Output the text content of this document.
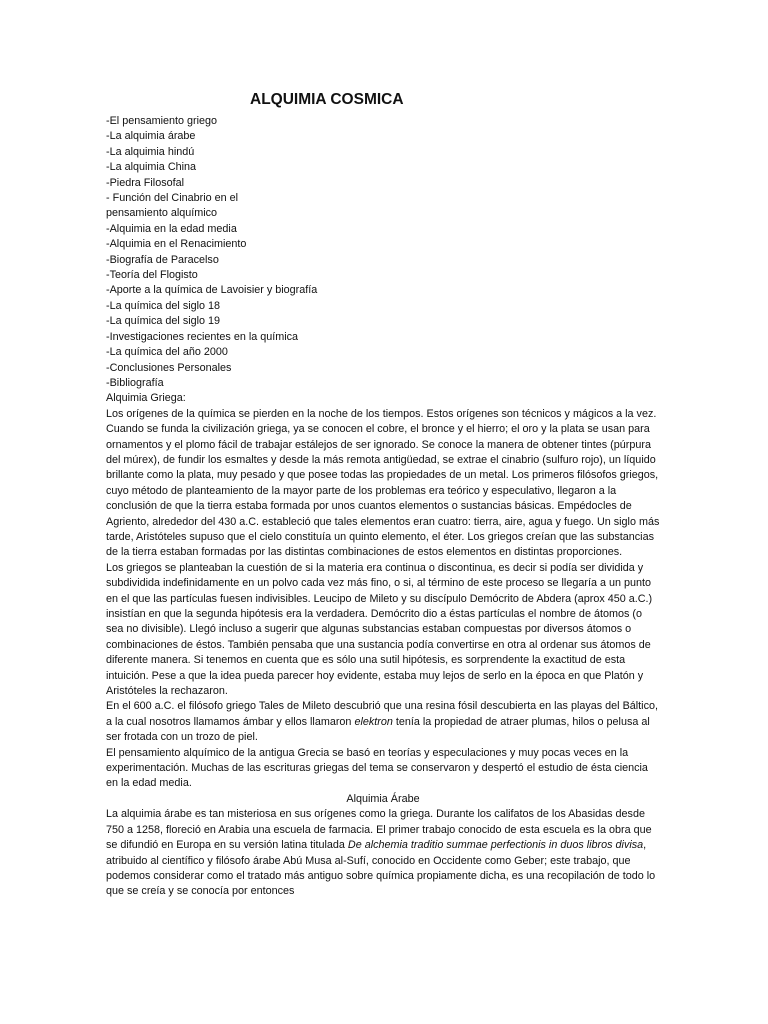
ALQUIMIA COSMICA
-El pensamiento griego
-La alquimia árabe
-La alquimia hindú
-La alquimia China
-Piedra Filosofal
- Función del Cinabrio en el
pensamiento alquímico
-Alquimia en la edad media
-Alquimia en el Renacimiento
-Biografía de Paracelso
-Teoría del Flogisto
-Aporte a la química de Lavoisier y biografía
-La química del siglo 18
-La química del siglo 19
-Investigaciones recientes en la química
-La química del año 2000
-Conclusiones Personales
-Bibliografía
Alquimia Griega:

Los orígenes de la química se pierden en la noche de los tiempos. Estos orígenes son técnicos y mágicos a la vez. Cuando se funda la civilización griega, ya se conocen el cobre, el bronce y el hierro; el oro y la plata se usan para ornamentos y el plomo fácil de trabajar estálejos de ser ignorado. Se conoce la manera de obtener tintes (púrpura del múrex), de fundir los esmaltes y desde la más remota antigüedad, se extrae el cinabrio (sulfuro rojo), un líquido brillante como la plata, muy pesado y que posee todas las propiedades de un metal. Los primeros filósofos griegos, cuyo método de planteamiento de la mayor parte de los problemas era teórico y especulativo, llegaron a la conclusión de que la tierra estaba formada por unos cuantos elementos o sustancias básicas. Empédocles de Agriento, alrededor del 430 a.C. estableció que tales elementos eran cuatro: tierra, aire, agua y fuego. Un siglo más tarde, Aristóteles supuso que el cielo constituía un quinto elemento, el éter. Los griegos creían que las substancias de la tierra estaban formadas por las distintas combinaciones de estos elementos en distintas proporciones.

Los griegos se planteaban la cuestión de si la materia era continua o discontinua, es decir si podía ser dividida y subdividida indefinidamente en un polvo cada vez más fino, o si, al término de este proceso se llegaría a un punto en el que las partículas fuesen indivisibles. Leucipo de Mileto y su discípulo Demócrito de Abdera (aprox 450 a.C.) insistían en que la segunda hipótesis era la verdadera. Demócrito dio a éstas partículas el nombre de átomos (o sea no divisible). Llegó incluso a sugerir que algunas substancias estaban compuestas por diversos átomos o combinaciones de éstos. También pensaba que una sustancia podía convertirse en otra al ordenar sus átomos de diferente manera. Si tenemos en cuenta que es sólo una sutil hipótesis, es sorprendente la exactitud de esta intuición. Pese a que la idea pueda parecer hoy evidente, estaba muy lejos de serlo en la época en que Platón y Aristóteles la rechazaron.

En el 600 a.C. el filósofo griego Tales de Mileto descubrió que una resina fósil descubierta en las playas del Báltico, a la cual nosotros llamamos ámbar y ellos llamaron elektron tenía la propiedad de atraer plumas, hilos o pelusa al ser frotada con un trozo de piel.

El pensamiento alquímico de la antigua Grecia se basó en teorías y especulaciones y muy pocas veces en la experimentación. Muchas de las escrituras griegas del tema se conservaron y despertó el estudio de ésta ciencia en la edad media.

Alquimia Árabe

La alquimia árabe es tan misteriosa en sus orígenes como la griega. Durante los califatos de los Abasidas desde 750 a 1258, floreció en Arabia una escuela de farmacia. El primer trabajo conocido de esta escuela es la obra que se difundió en Europa en su versión latina titulada De alchemia traditio summae perfectionis in duos libros divisa, atribuido al científico y filósofo árabe Abú Musa al-Sufí, conocido en Occidente como Geber; este trabajo, que podemos considerar como el tratado más antiguo sobre química propiamente dicha, es una recopilación de todo lo que se creía y se conocía por entonces
